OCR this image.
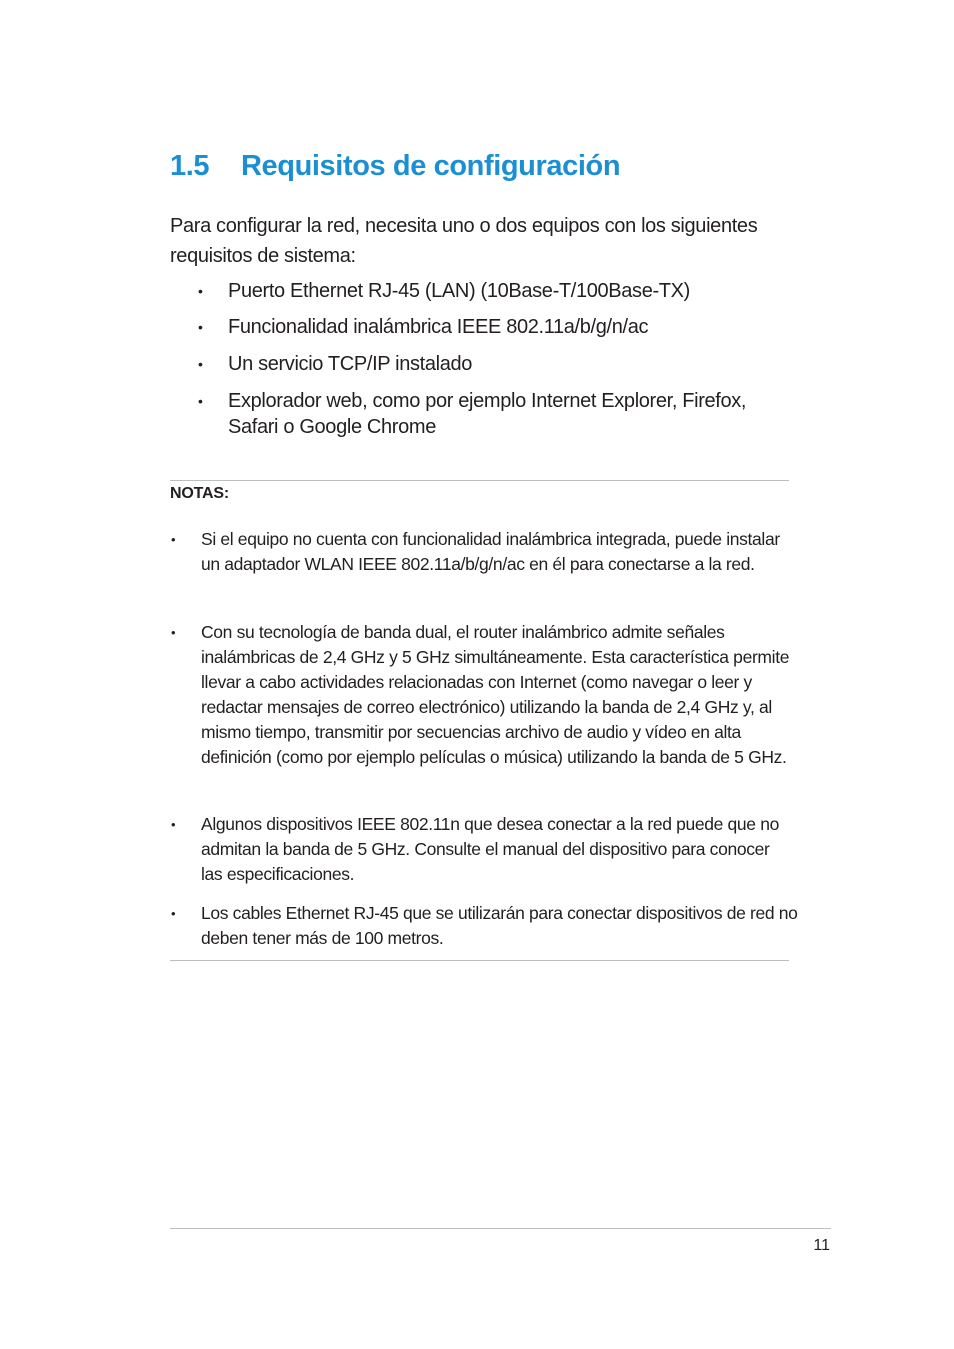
1.5 Requisitos de configuración

Para configurar la red, necesita uno o dos equipos con los siguientes requisitos de sistema:

• Puerto Ethernet RJ-45 (LAN) (10Base-T/100Base-TX)
• Funcionalidad inalámbrica IEEE 802.11a/b/g/n/ac
• Un servicio TCP/IP instalado
• Explorador web, como por ejemplo Internet Explorer, Firefox, Safari o Google Chrome
NOTAS:
• Si el equipo no cuenta con funcionalidad inalámbrica integrada, puede instalar un adaptador WLAN IEEE 802.11a/b/g/n/ac en él para conectarse a la red.
• Con su tecnología de banda dual, el router inalámbrico admite señales inalámbricas de 2,4 GHz y 5 GHz simultáneamente. Esta característica permite llevar a cabo actividades relacionadas con Internet (como navegar o leer y redactar mensajes de correo electrónico) utilizando la banda de 2,4 GHz y, al mismo tiempo, transmitir por secuencias archivo de audio y vídeo en alta definición (como por ejemplo películas o música) utilizando la banda de 5 GHz.
• Algunos dispositivos IEEE 802.11n que desea conectar a la red puede que no admitan la banda de 5 GHz. Consulte el manual del dispositivo para conocer las especificaciones.
• Los cables Ethernet RJ-45 que se utilizarán para conectar dispositivos de red no deben tener más de 100 metros.
11
